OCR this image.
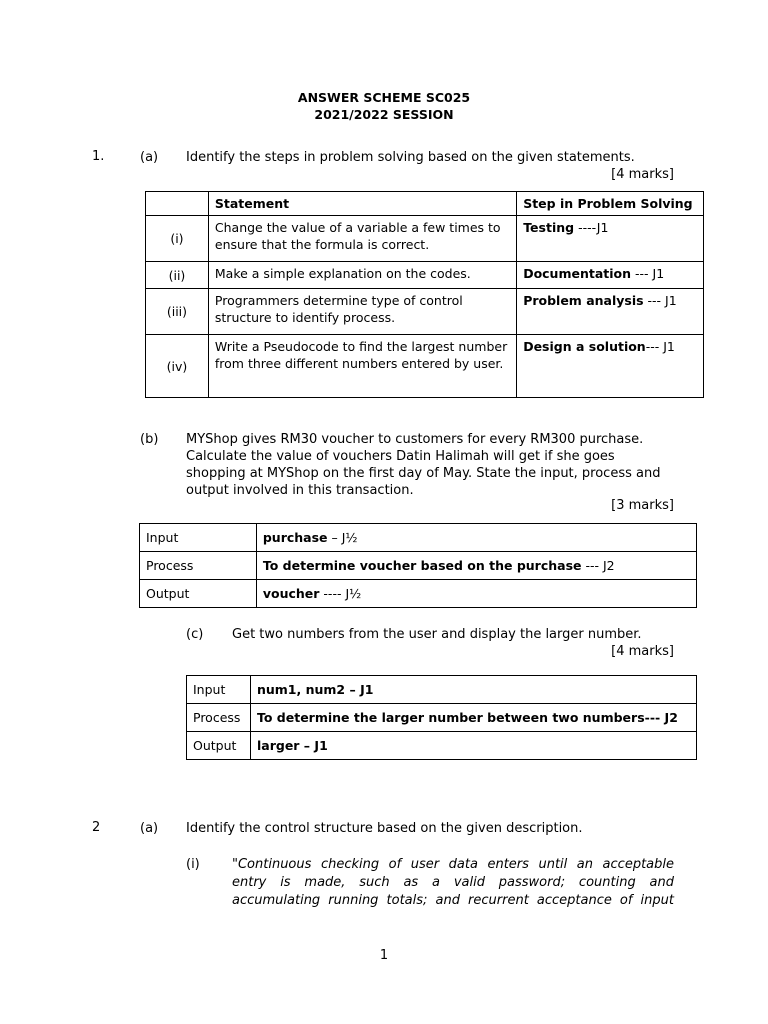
ANSWER SCHEME SC025
2021/2022 SESSION
1.	(a) Identify the steps in problem solving based on the given statements.
[4 marks]
	Statement	Step in Problem Solving
(i)	Change the value of a variable a few times to ensure that the formula is correct.	Testing ----J1
(ii)	Make a simple explanation on the codes.	Documentation --- J1
(iii)	Programmers determine type of control structure to identify process.	Problem analysis --- J1
(iv)	Write a Pseudocode to find the largest number from three different numbers entered by user.	Design a solution--- J1
(b) MYShop gives RM30 voucher to customers for every RM300 purchase. Calculate the value of vouchers Datin Halimah will get if she goes shopping at MYShop on the first day of May. State the input, process and output involved in this transaction.
[3 marks]
Input	purchase – J½
Process	To determine voucher based on the purchase --- J2
Output	voucher ---- J½
(c) Get two numbers from the user and display the larger number.
[4 marks]
Input	num1, num2 – J1
Process	To determine the larger number between two numbers--- J2
Output	larger – J1
2	(a) Identify the control structure based on the given description.
(i) "Continuous checking of user data enters until an acceptable
entry is made, such as a valid password; counting and
accumulating running totals; and recurrent acceptance of input
1
